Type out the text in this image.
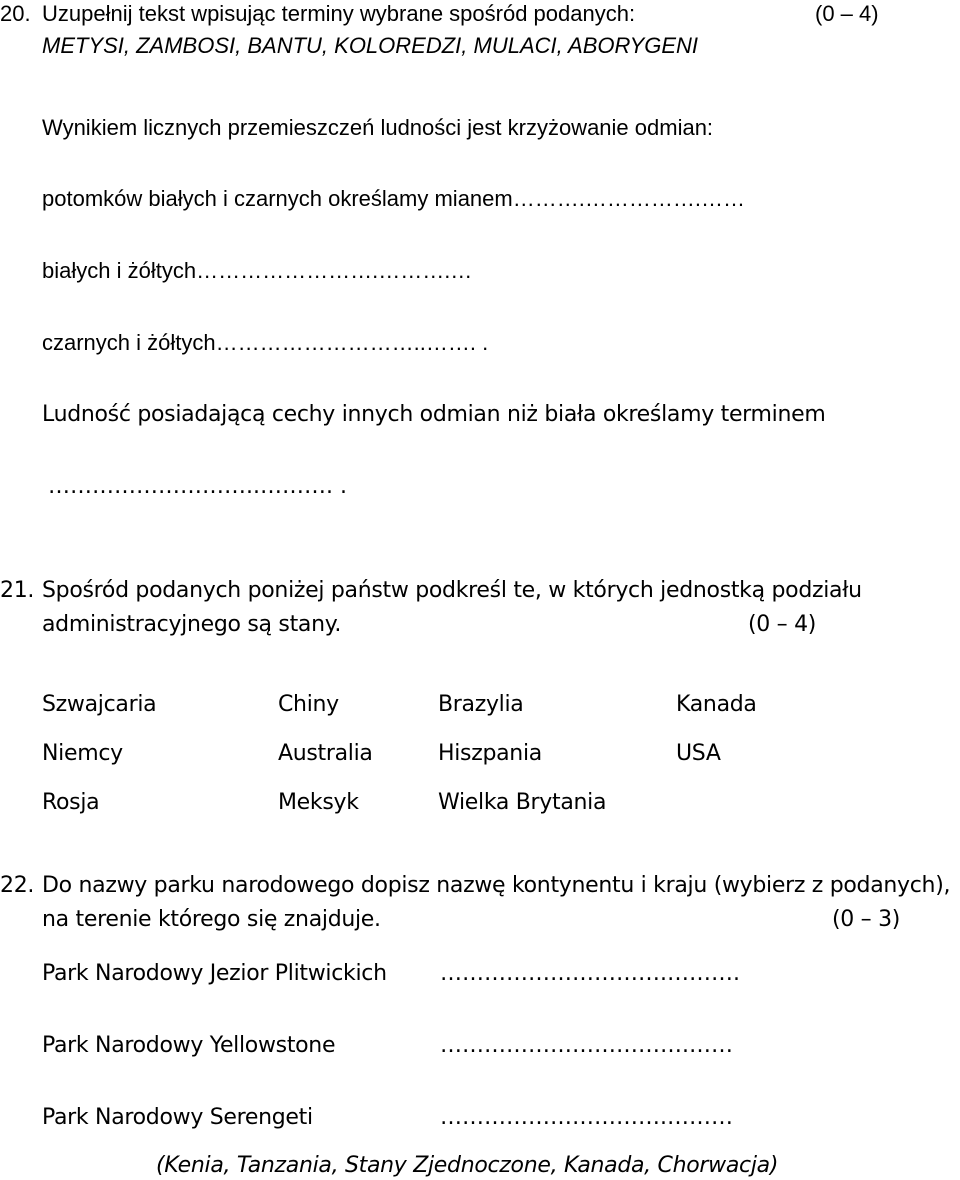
20. Uzupełnij tekst wpisując terminy wybrane spośród podanych:	(0 – 4)
METYSI, ZAMBOSI, BANTU, KOLOREDZI, MULACI, ABORYGENI
Wynikiem licznych przemieszczeń ludności jest krzyżowanie odmian:
potomków białych i czarnych określamy mianem……….…………….……
białych i żółtych…………………….……….…
czarnych i żółtych………………………..……. .
Ludność posiadającą cechy innych odmian niż biała określamy terminem
………………………..………. .
21. Spośród podanych poniżej państw podkreśl te, w których jednostką podziału
administracyjnego są stany.	(0 – 4)
Szwajcaria	Chiny	Brazylia	Kanada
Niemcy	Australia	Hiszpania	USA
Rosja	Meksyk	Wielka Brytania
22. Do nazwy parku narodowego dopisz nazwę kontynentu i kraju (wybierz z podanych),
na terenie którego się znajduje.	(0 – 3)
Park Narodowy Jezior Plitwickich ………………………….……….
Park Narodowy Yellowstone	…………………………….……
Park Narodowy Serengeti	………………………….………
(Kenia, Tanzania, Stany Zjednoczone, Kanada, Chorwacja)
